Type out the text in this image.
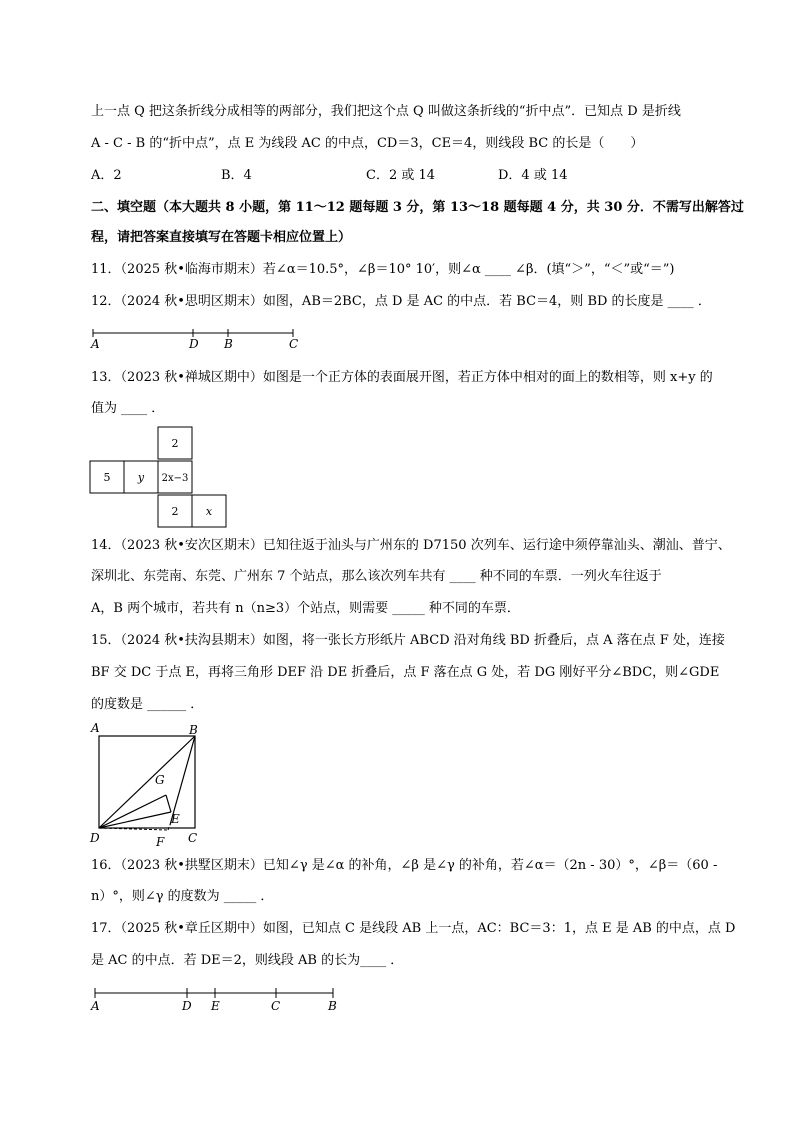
上一点 Q 把这条折线分成相等的两部分，我们把这个点 Q 叫做这条折线的“折中点”．已知点 D 是折线
A - C - B 的“折中点”，点 E 为线段 AC 的中点，CD＝3，CE＝4，则线段 BC 的长是（　　）
A．2	B．4	C．2 或 14	D．4 或 14
二、填空题（本大题共 8 小题，第 11～12 题每题 3 分，第 13～18 题每题 4 分，共 30 分．不需写出解答过
程，请把答案直接填写在答题卡相应位置上）
11．（2025 秋•临海市期末）若∠α＝10.5°，∠β＝10° 10′，则∠α ____ ∠β．(填“＞”，“＜”或“＝”)
12．（2024 秋•思明区期末）如图，AB＝2BC，点 D 是 AC 的中点．若 BC＝4，则 BD 的长度是 ____ ．
A	D B	C
13．（2023 秋•禅城区期中）如图是一个正方体的表面展开图，若正方体中相对的面上的数相等，则 x+y 的
值为 ____ ．
2
5 y 2x−3
2 x
14．（2023 秋•安次区期末）已知往返于汕头与广州东的 D7150 次列车、运行途中须停靠汕头、潮汕、普宁、
深圳北、东莞南、东莞、广州东 7 个站点，那么该次列车共有 ____ 种不同的车票．一列火车往返于
A，B 两个城市，若共有 n（n≥3）个站点，则需要 _____ 种不同的车票．
15．（2024 秋•扶沟县期末）如图，将一张长方形纸片 ABCD 沿对角线 BD 折叠后，点 A 落在点 F 处，连接
BF 交 DC 于点 E，再将三角形 DEF 沿 DE 折叠后，点 F 落在点 G 处，若 DG 刚好平分∠BDC，则∠GDE
的度数是 ______ ．
A	B
G
D
E
C
F
16．（2023 秋•拱墅区期末）已知∠γ 是∠α 的补角，∠β 是∠γ 的补角，若∠α＝（2n - 30）°，∠β＝（60 -
n）°，则∠γ 的度数为 _____ ．
17．（2025 秋•章丘区期中）如图，已知点 C 是线段 AB 上一点，AC：BC＝3：1，点 E 是 AB 的中点，点 D
是 AC 的中点．若 DE＝2，则线段 AB 的长为____ ．
A	D E	C	B
